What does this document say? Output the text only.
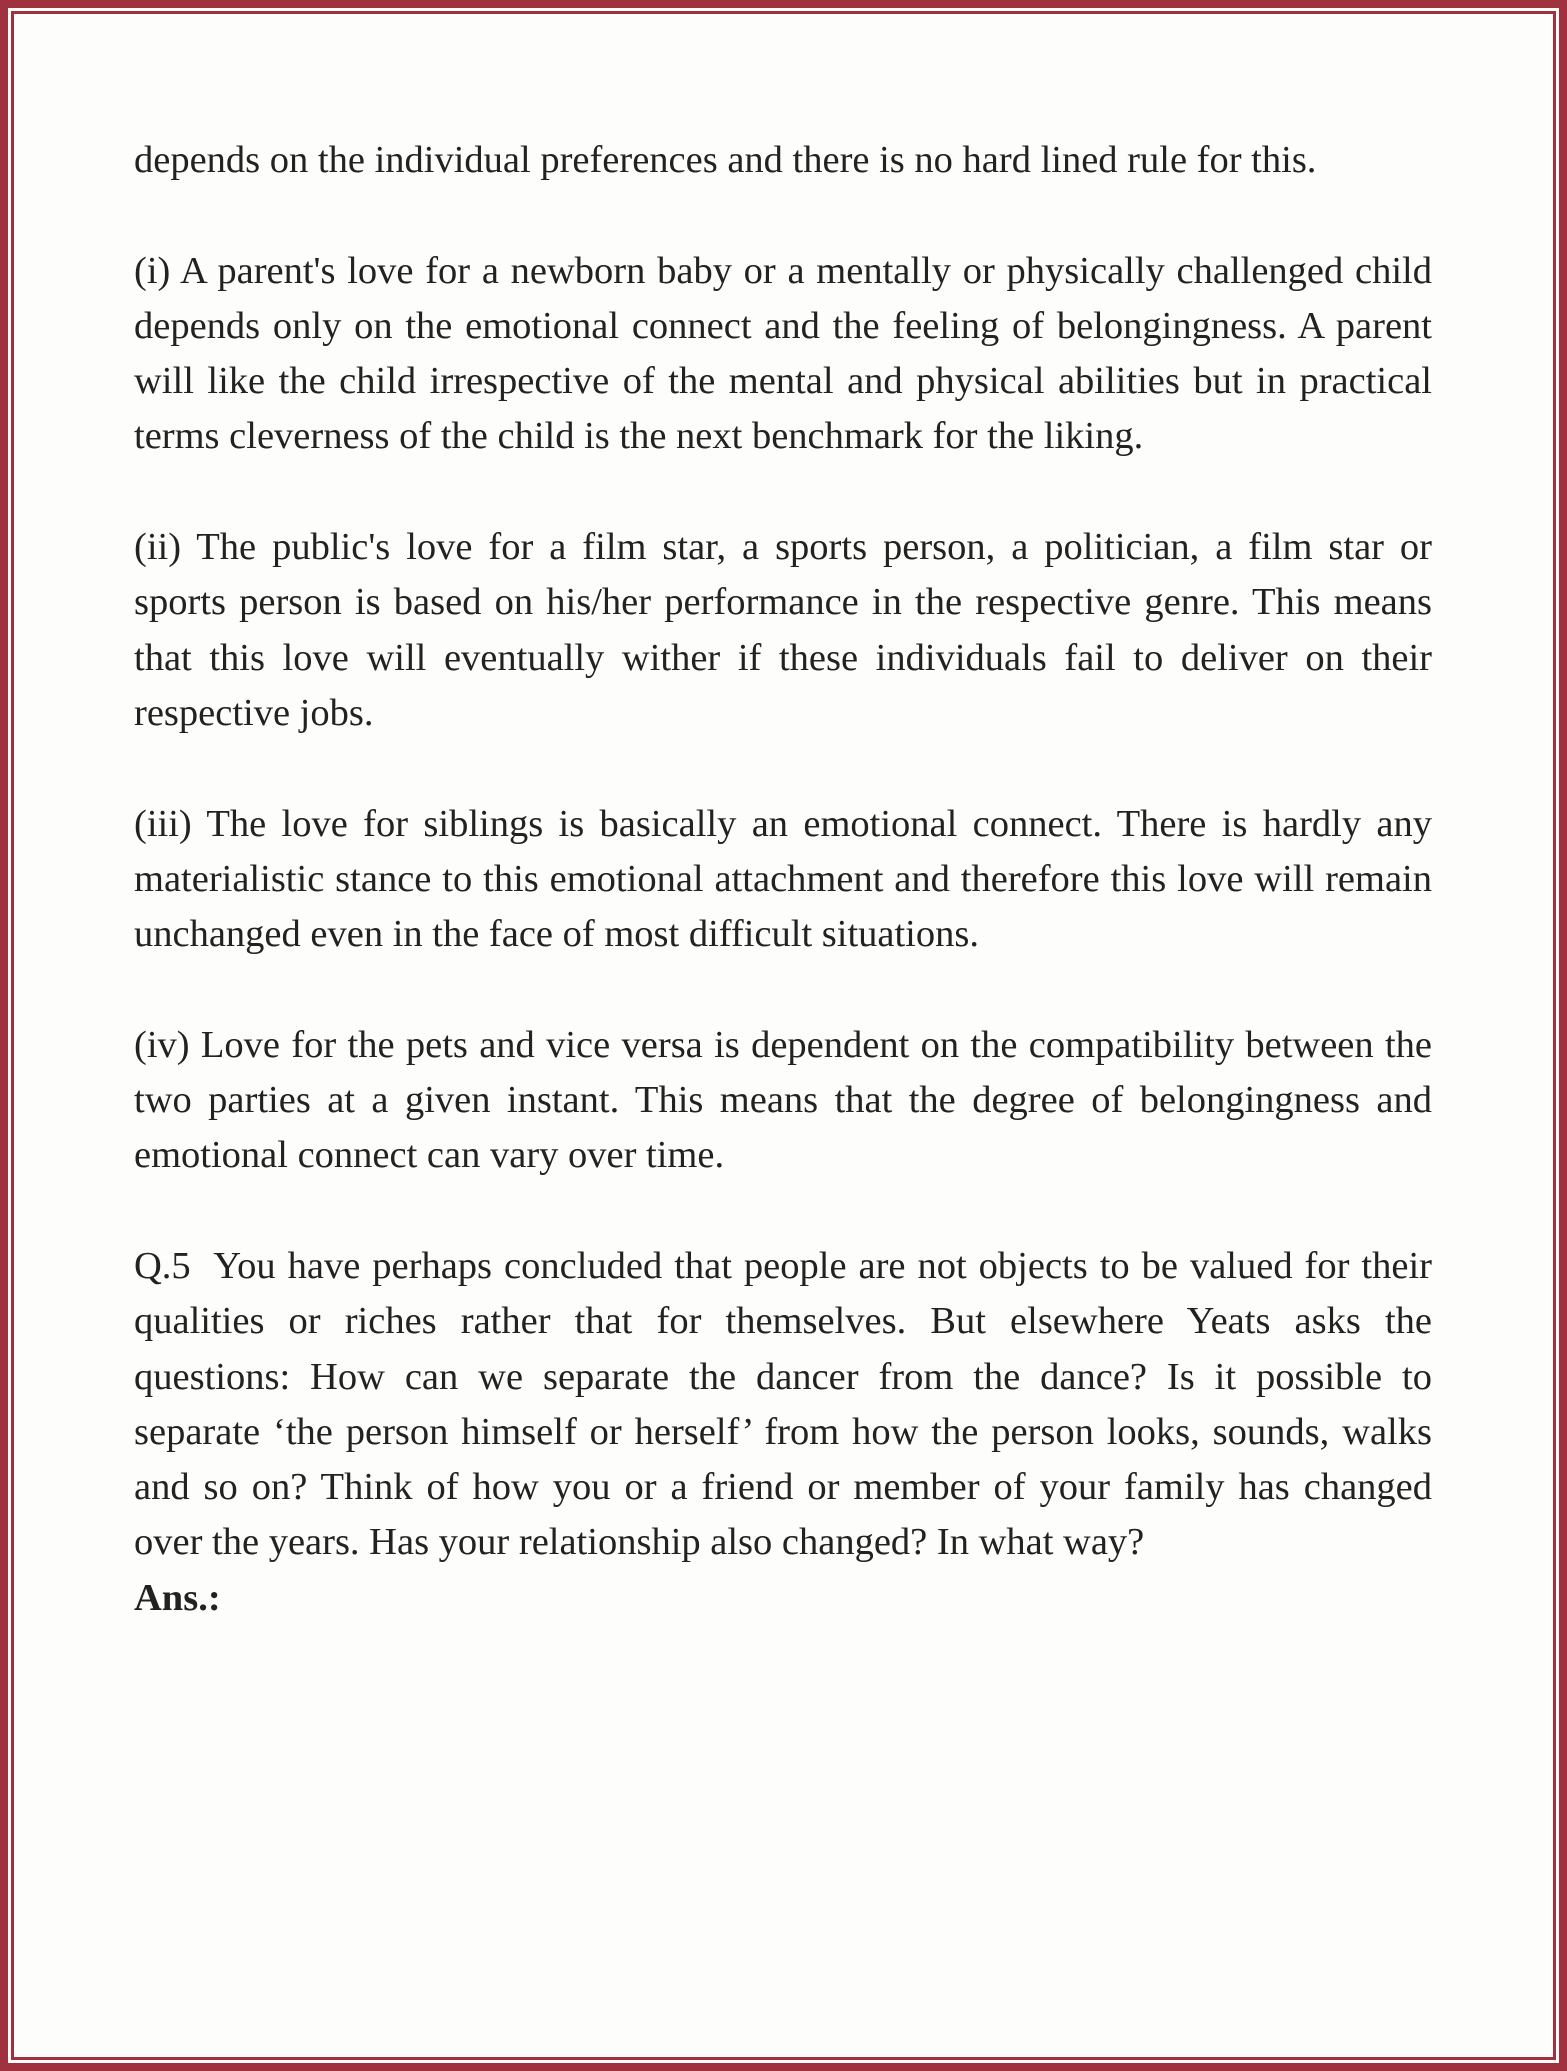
depends on the individual preferences and there is no hard lined rule for this.

(i) A parent's love for a newborn baby or a mentally or physically challenged child depends only on the emotional connect and the feeling of belongingness. A parent will like the child irrespective of the mental and physical abilities but in practical terms cleverness of the child is the next benchmark for the liking.

(ii) The public's love for a film star, a sports person, a politician, a film star or sports person is based on his/her performance in the respective genre. This means that this love will eventually wither if these individuals fail to deliver on their respective jobs.

(iii) The love for siblings is basically an emotional connect. There is hardly any materialistic stance to this emotional attachment and therefore this love will remain unchanged even in the face of most difficult situations.

(iv) Love for the pets and vice versa is dependent on the compatibility between the two parties at a given instant. This means that the degree of belongingness and emotional connect can vary over time.

Q.5  You have perhaps concluded that people are not objects to be valued for their qualities or riches rather that for themselves. But elsewhere Yeats asks the questions: How can we separate the dancer from the dance? Is it possible to separate ‘the person himself or herself’ from how the person looks, sounds, walks and so on? Think of how you or a friend or member of your family has changed over the years. Has your relationship also changed? In what way?

Ans.:
